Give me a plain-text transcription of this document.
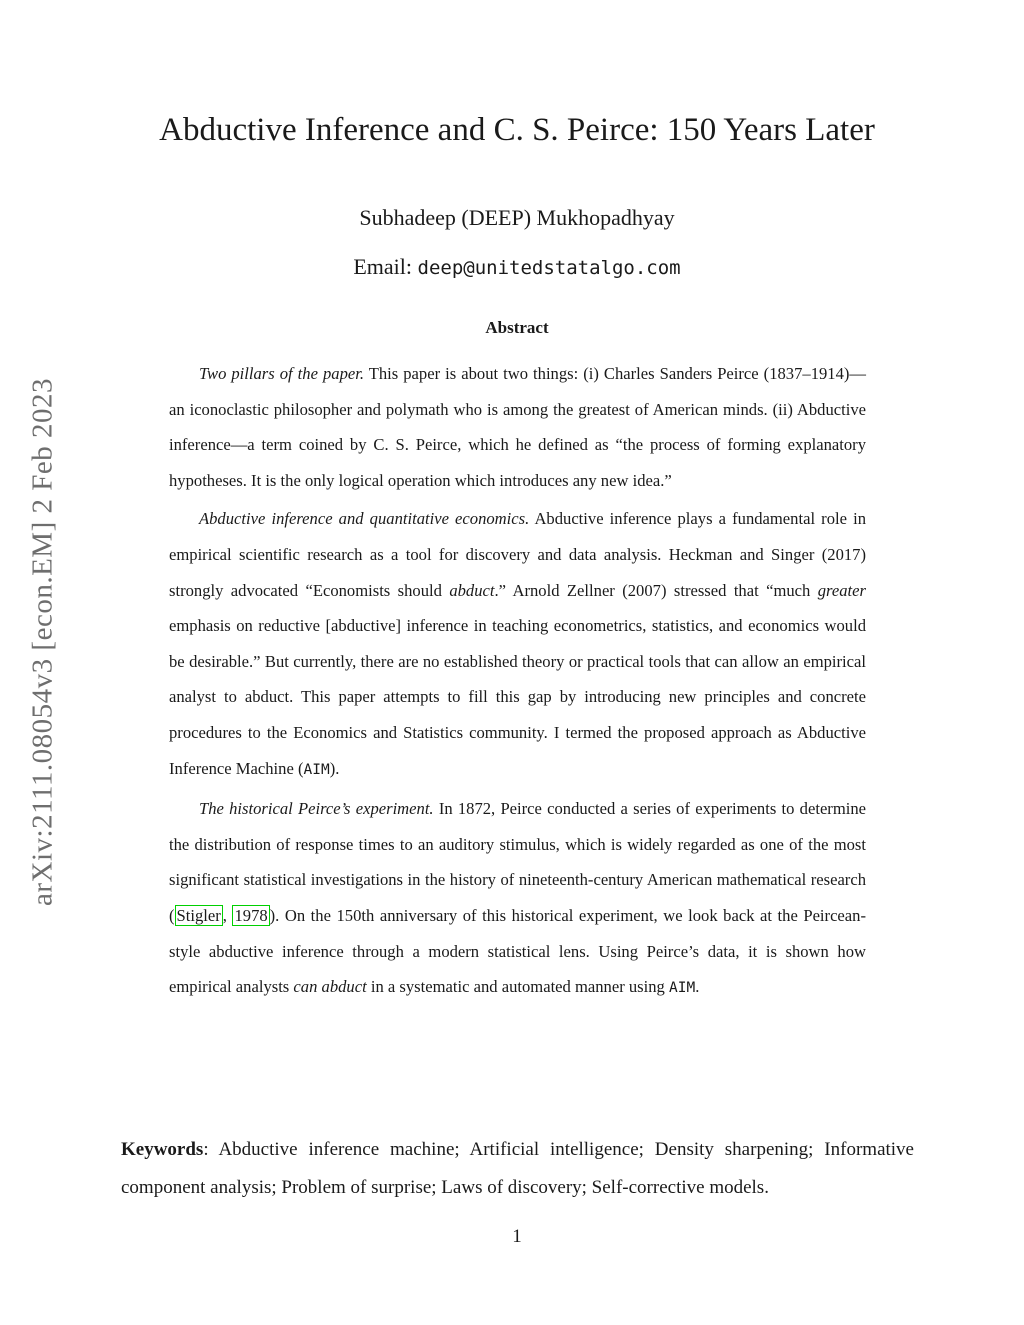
arXiv:2111.08054v3 [econ.EM] 2 Feb 2023
Abductive Inference and C. S. Peirce: 150 Years Later
Subhadeep (DEEP) Mukhopadhyay
Email: deep@unitedstatalgo.com
Abstract

Two pillars of the paper. This paper is about two things: (i) Charles Sanders Peirce (1837–1914)—an iconoclastic philosopher and polymath who is among the greatest of American minds. (ii) Abductive inference—a term coined by C. S. Peirce, which he defined as “the process of forming explanatory hypotheses. It is the only logical operation which introduces any new idea.”

Abductive inference and quantitative economics. Abductive inference plays a fundamental role in empirical scientific research as a tool for discovery and data analysis. Heckman and Singer (2017) strongly advocated “Economists should abduct.” Arnold Zellner (2007) stressed that “much greater emphasis on reductive [abductive] inference in teaching econometrics, statistics, and economics would be desirable.” But currently, there are no established theory or practical tools that can allow an empirical analyst to abduct. This paper attempts to fill this gap by introducing new principles and concrete procedures to the Economics and Statistics community. I termed the proposed approach as Abductive Inference Machine (AIM).

The historical Peirce’s experiment. In 1872, Peirce conducted a series of experiments to determine the distribution of response times to an auditory stimulus, which is widely regarded as one of the most significant statistical investigations in the history of nineteenth-century American mathematical research ( Stigler , 1978 ). On the 150th anniversary of this historical experiment, we look back at the Peircean-style abductive inference through a modern statistical lens. Using Peirce’s data, it is shown how empirical analysts can abduct in a systematic and automated manner using AIM.

Keywords: Abductive inference machine; Artificial intelligence; Density sharpening; Informative component analysis; Problem of surprise; Laws of discovery; Self-corrective models.
1
